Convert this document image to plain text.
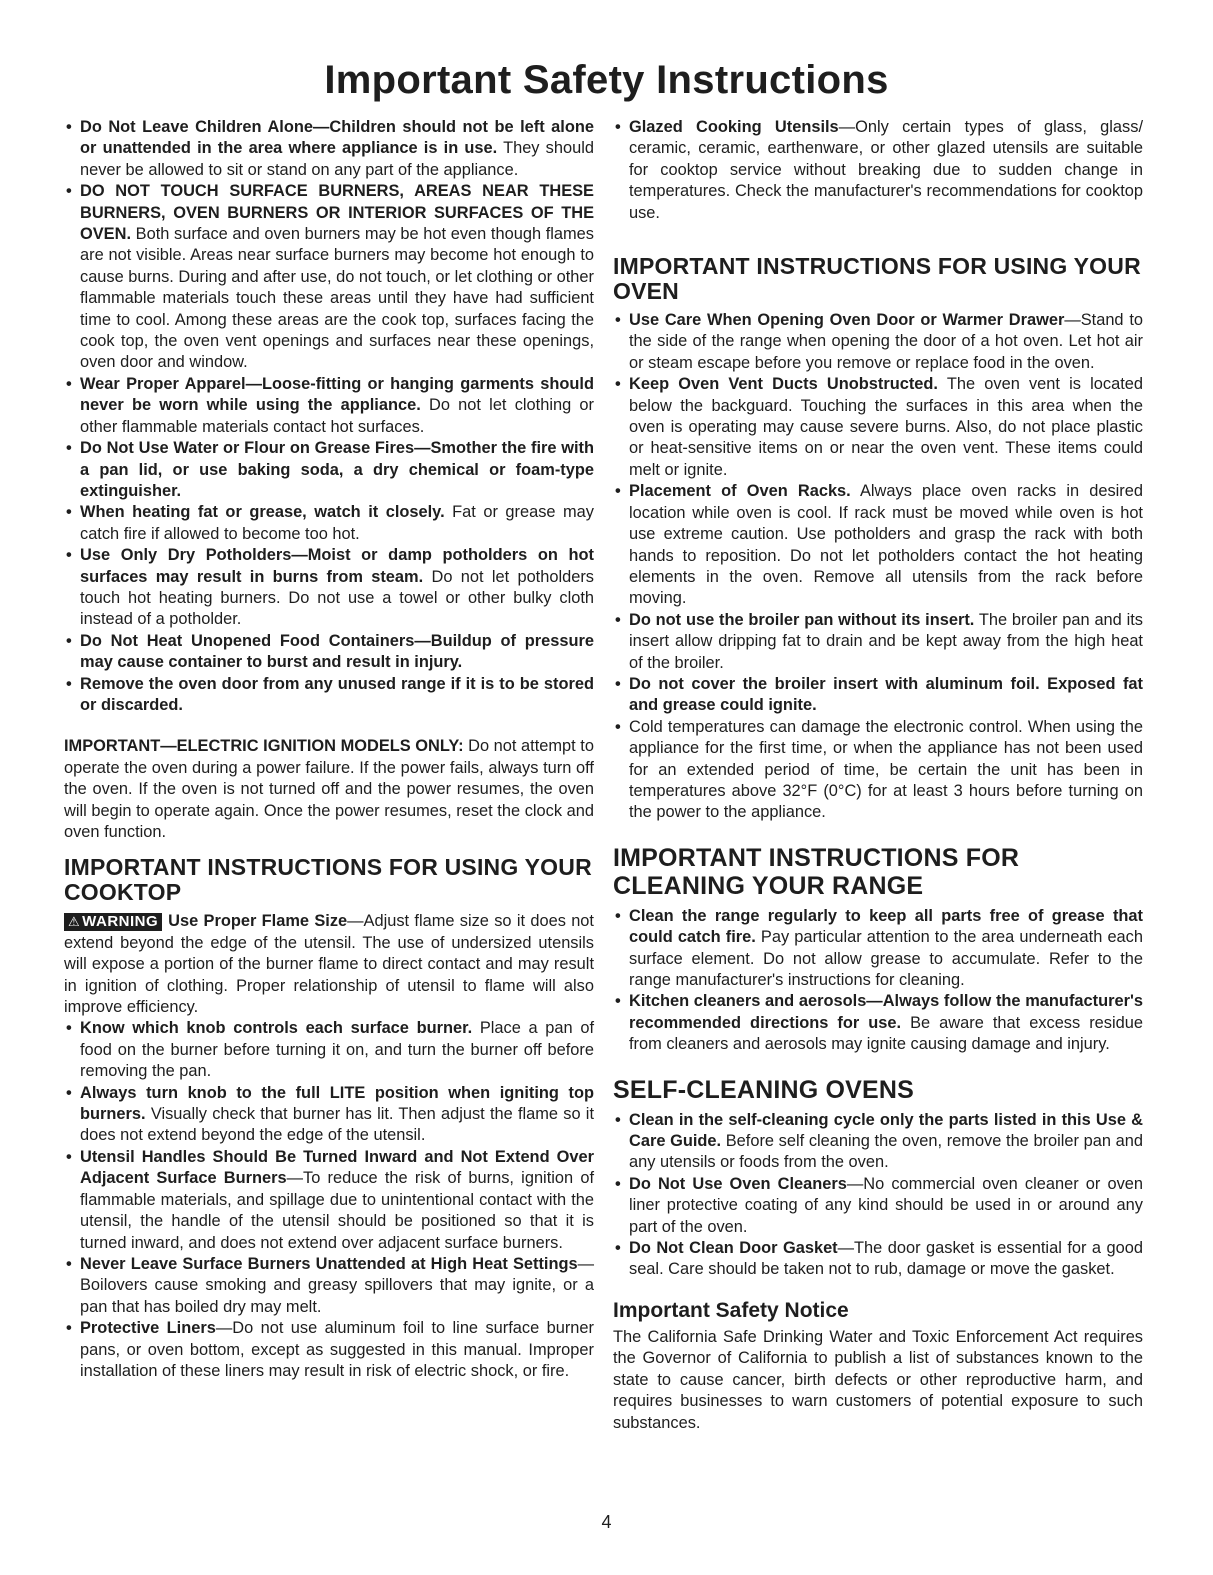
Important Safety Instructions
• Do Not Leave Children Alone—Children should not be left alone or unattended in the area where appliance is in use. They should never be allowed to sit or stand on any part of the appliance.
• DO NOT TOUCH SURFACE BURNERS, AREAS NEAR THESE BURNERS, OVEN BURNERS OR INTERIOR SURFACES OF THE OVEN. Both surface and oven burners may be hot even though flames are not visible. Areas near surface burners may become hot enough to cause burns. During and after use, do not touch, or let clothing or other flammable materials touch these areas until they have had sufficient time to cool. Among these areas are the cook top, surfaces facing the cook top, the oven vent openings and surfaces near these openings, oven door and window.
• Wear Proper Apparel—Loose-fitting or hanging garments should never be worn while using the appliance. Do not let clothing or other flammable materials contact hot surfaces.
• Do Not Use Water or Flour on Grease Fires—Smother the fire with a pan lid, or use baking soda, a dry chemical or foam-type extinguisher.
• When heating fat or grease, watch it closely. Fat or grease may catch fire if allowed to become too hot.
• Use Only Dry Potholders—Moist or damp potholders on hot surfaces may result in burns from steam. Do not let potholders touch hot heating burners. Do not use a towel or other bulky cloth instead of a potholder.
• Do Not Heat Unopened Food Containers—Buildup of pressure may cause container to burst and result in injury.
• Remove the oven door from any unused range if it is to be stored or discarded.

IMPORTANT—ELECTRIC IGNITION MODELS ONLY: Do not attempt to operate the oven during a power failure. If the power fails, always turn off the oven. If the oven is not turned off and the power resumes, the oven will begin to operate again. Once the power resumes, reset the clock and oven function.

IMPORTANT INSTRUCTIONS FOR USING YOUR COOKTOP

⚠ WARNING Use Proper Flame Size—Adjust flame size so it does not extend beyond the edge of the utensil. The use of undersized utensils will expose a portion of the burner flame to direct contact and may result in ignition of clothing. Proper relationship of utensil to flame will also improve efficiency.

• Know which knob controls each surface burner. Place a pan of food on the burner before turning it on, and turn the burner off before removing the pan.
• Always turn knob to the full LITE position when igniting top burners. Visually check that burner has lit. Then adjust the flame so it does not extend beyond the edge of the utensil.
• Utensil Handles Should Be Turned Inward and Not Extend Over Adjacent Surface Burners—To reduce the risk of burns, ignition of flammable materials, and spillage due to unintentional contact with the utensil, the handle of the utensil should be positioned so that it is turned inward, and does not extend over adjacent surface burners.
• Never Leave Surface Burners Unattended at High Heat Settings—Boilovers cause smoking and greasy spillovers that may ignite, or a pan that has boiled dry may melt.
• Protective Liners—Do not use aluminum foil to line surface burner pans, or oven bottom, except as suggested in this manual. Improper installation of these liners may result in risk of electric shock, or fire.
• Glazed Cooking Utensils—Only certain types of glass, glass/ ceramic, ceramic, earthenware, or other glazed utensils are suitable for cooktop service without breaking due to sudden change in temperatures. Check the manufacturer's recommendations for cooktop use.
IMPORTANT INSTRUCTIONS FOR USING YOUR OVEN
• Use Care When Opening Oven Door or Warmer Drawer—Stand to the side of the range when opening the door of a hot oven. Let hot air or steam escape before you remove or replace food in the oven.
• Keep Oven Vent Ducts Unobstructed. The oven vent is located below the backguard. Touching the surfaces in this area when the oven is operating may cause severe burns. Also, do not place plastic or heat-sensitive items on or near the oven vent. These items could melt or ignite.
• Placement of Oven Racks. Always place oven racks in desired location while oven is cool. If rack must be moved while oven is hot use extreme caution. Use potholders and grasp the rack with both hands to reposition. Do not let potholders contact the hot heating elements in the oven. Remove all utensils from the rack before moving.
• Do not use the broiler pan without its insert. The broiler pan and its insert allow dripping fat to drain and be kept away from the high heat of the broiler.
• Do not cover the broiler insert with aluminum foil. Exposed fat and grease could ignite.
• Cold temperatures can damage the electronic control. When using the appliance for the first time, or when the appliance has not been used for an extended period of time, be certain the unit has been in temperatures above 32°F (0°C) for at least 3 hours before turning on the power to the appliance.
IMPORTANT INSTRUCTIONS FOR CLEANING YOUR RANGE
• Clean the range regularly to keep all parts free of grease that could catch fire. Pay particular attention to the area underneath each surface element. Do not allow grease to accumulate. Refer to the range manufacturer's instructions for cleaning.
• Kitchen cleaners and aerosols—Always follow the manufacturer's recommended directions for use. Be aware that excess residue from cleaners and aerosols may ignite causing damage and injury.
SELF-CLEANING OVENS
• Clean in the self-cleaning cycle only the parts listed in this Use & Care Guide. Before self cleaning the oven, remove the broiler pan and any utensils or foods from the oven.
• Do Not Use Oven Cleaners—No commercial oven cleaner or oven liner protective coating of any kind should be used in or around any part of the oven.
• Do Not Clean Door Gasket—The door gasket is essential for a good seal. Care should be taken not to rub, damage or move the gasket.
Important Safety Notice

The California Safe Drinking Water and Toxic Enforcement Act requires the Governor of California to publish a list of substances known to the state to cause cancer, birth defects or other reproductive harm, and requires businesses to warn customers of potential exposure to such substances.

4
